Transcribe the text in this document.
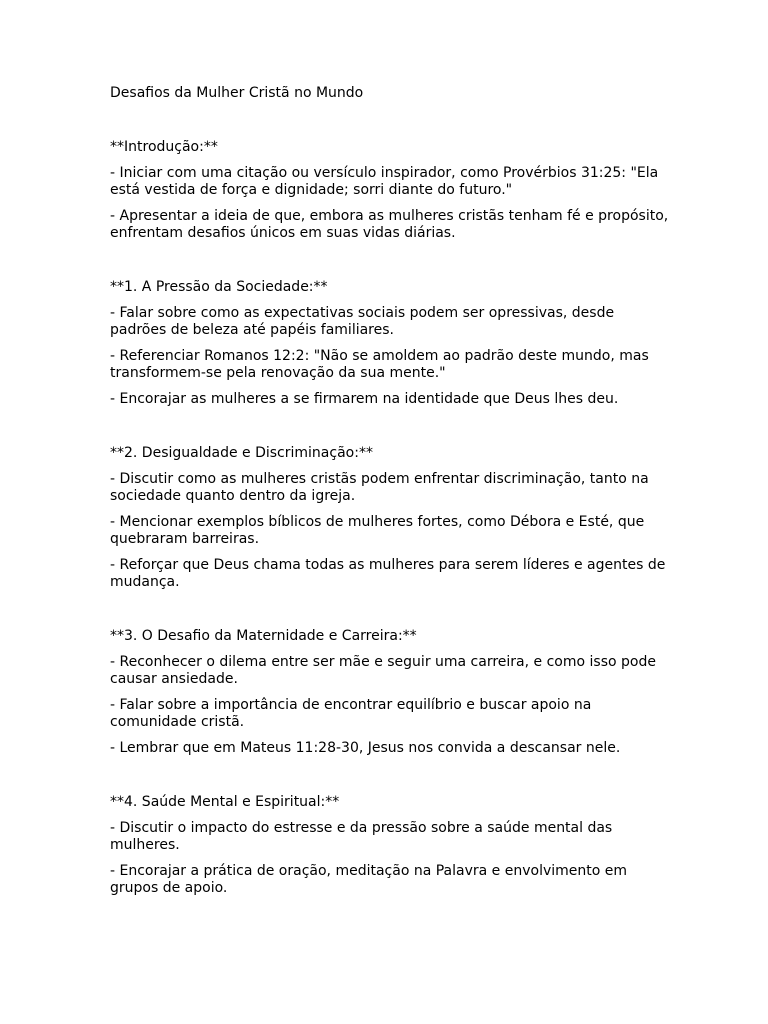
Desafios da Mulher Cristã no Mundo

**Introdução:**

- Iniciar com uma citação ou versículo inspirador, como Provérbios 31:25: "Ela está vestida de força e dignidade; sorri diante do futuro."

- Apresentar a ideia de que, embora as mulheres cristãs tenham fé e propósito, enfrentam desafios únicos em suas vidas diárias.

**1. A Pressão da Sociedade:**

- Falar sobre como as expectativas sociais podem ser opressivas, desde padrões de beleza até papéis familiares.

- Referenciar Romanos 12:2: "Não se amoldem ao padrão deste mundo, mas transformem-se pela renovação da sua mente."

- Encorajar as mulheres a se firmarem na identidade que Deus lhes deu.

**2. Desigualdade e Discriminação:**

- Discutir como as mulheres cristãs podem enfrentar discriminação, tanto na sociedade quanto dentro da igreja.

- Mencionar exemplos bíblicos de mulheres fortes, como Débora e Esté, que quebraram barreiras.

- Reforçar que Deus chama todas as mulheres para serem líderes e agentes de mudança.

**3. O Desafio da Maternidade e Carreira:**

- Reconhecer o dilema entre ser mãe e seguir uma carreira, e como isso pode causar ansiedade.

- Falar sobre a importância de encontrar equilíbrio e buscar apoio na comunidade cristã.

- Lembrar que em Mateus 11:28-30, Jesus nos convida a descansar nele.

**4. Saúde Mental e Espiritual:**

- Discutir o impacto do estresse e da pressão sobre a saúde mental das mulheres.

- Encorajar a prática de oração, meditação na Palavra e envolvimento em grupos de apoio.
